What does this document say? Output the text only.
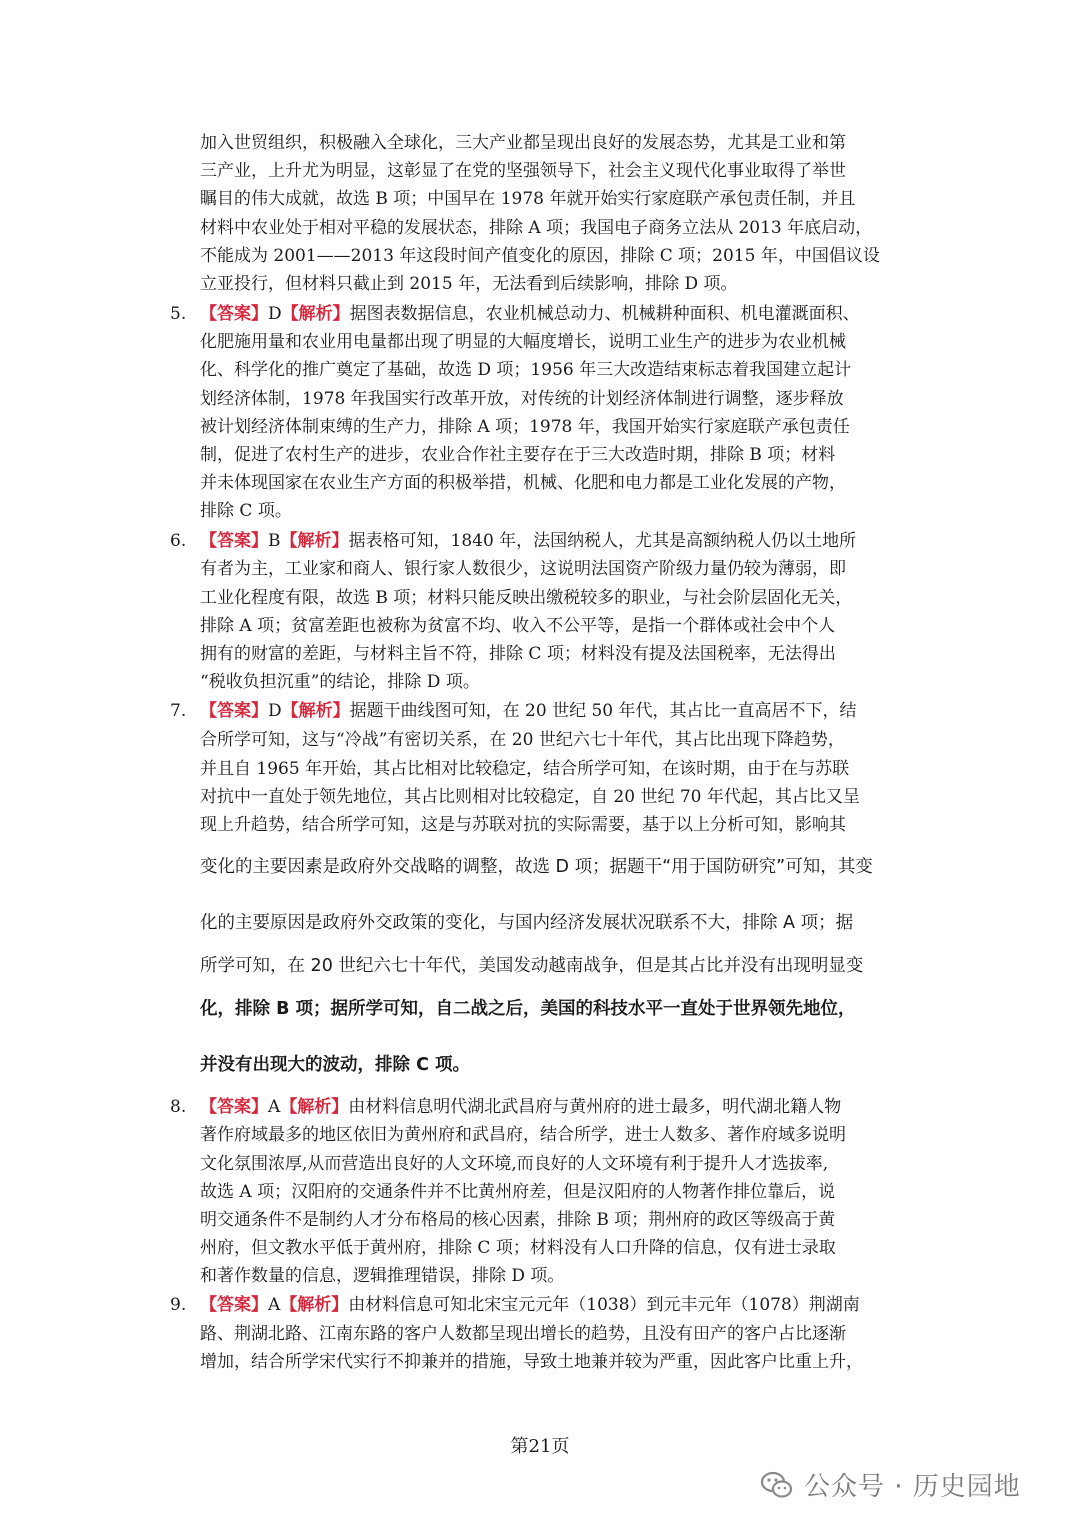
加入世贸组织，积极融入全球化，三大产业都呈现出良好的发展态势，尤其是工业和第
三产业，上升尤为明显，这彰显了在党的坚强领导下，社会主义现代化事业取得了举世
瞩目的伟大成就，故选 B 项；中国早在 1978 年就开始实行家庭联产承包责任制，并且
材料中农业处于相对平稳的发展状态，排除 A 项；我国电子商务立法从 2013 年底启动，
不能成为 2001——2013 年这段时间产值变化的原因，排除 C 项；2015 年，中国倡议设
立亚投行，但材料只截止到 2015 年，无法看到后续影响，排除 D 项。
5. 【答案】D【解析】据图表数据信息，农业机械总动力、机械耕种面积、机电灌溉面积、
化肥施用量和农业用电量都出现了明显的大幅度增长，说明工业生产的进步为农业机械
化、科学化的推广奠定了基础，故选 D 项；1956 年三大改造结束标志着我国建立起计
划经济体制，1978 年我国实行改革开放，对传统的计划经济体制进行调整，逐步释放
被计划经济体制束缚的生产力，排除 A 项；1978 年，我国开始实行家庭联产承包责任
制，促进了农村生产的进步，农业合作社主要存在于三大改造时期，排除 B 项；材料
并未体现国家在农业生产方面的积极举措，机械、化肥和电力都是工业化发展的产物，
排除 C 项。
6. 【答案】B【解析】据表格可知，1840 年，法国纳税人，尤其是高额纳税人仍以土地所
有者为主，工业家和商人、银行家人数很少，这说明法国资产阶级力量仍较为薄弱，即
工业化程度有限，故选 B 项；材料只能反映出缴税较多的职业，与社会阶层固化无关，
排除 A 项；贫富差距也被称为贫富不均、收入不公平等，是指一个群体或社会中个人
拥有的财富的差距，与材料主旨不符，排除 C 项；材料没有提及法国税率，无法得出
“税收负担沉重”的结论，排除 D 项。
7. 【答案】D【解析】据题干曲线图可知，在 20 世纪 50 年代，其占比一直高居不下，结
合所学可知，这与“冷战”有密切关系，在 20 世纪六七十年代，其占比出现下降趋势，
并且自 1965 年开始，其占比相对比较稳定，结合所学可知，在该时期，由于在与苏联
对抗中一直处于领先地位，其占比则相对比较稳定，自 20 世纪 70 年代起，其占比又呈
现上升趋势，结合所学可知，这是与苏联对抗的实际需要，基于以上分析可知，影响其
变化的主要因素是政府外交战略的调整，故选 D 项；据题干“用于国防研究”可知，其变
化的主要原因是政府外交政策的变化，与国内经济发展状况联系不大，排除 A 项；据
所学可知，在 20 世纪六七十年代，美国发动越南战争，但是其占比并没有出现明显变
化，排除 B 项；据所学可知，自二战之后，美国的科技水平一直处于世界领先地位，
并没有出现大的波动，排除 C 项。
8. 【答案】A【解析】由材料信息明代湖北武昌府与黄州府的进士最多，明代湖北籍人物
著作府域最多的地区依旧为黄州府和武昌府，结合所学，进士人数多、著作府域多说明
文化氛围浓厚,从而营造出良好的人文环境,而良好的人文环境有利于提升人才选拔率,
故选 A 项；汉阳府的交通条件并不比黄州府差，但是汉阳府的人物著作排位靠后，说
明交通条件不是制约人才分布格局的核心因素，排除 B 项；荆州府的政区等级高于黄
州府，但文教水平低于黄州府，排除 C 项；材料没有人口升降的信息，仅有进士录取
和著作数量的信息，逻辑推理错误，排除 D 项。
9. 【答案】A【解析】由材料信息可知北宋宝元元年（1038）到元丰元年（1078）荆湖南
路、荆湖北路、江南东路的客户人数都呈现出增长的趋势，且没有田产的客户占比逐渐
增加，结合所学宋代实行不抑兼并的措施，导致土地兼并较为严重，因此客户比重上升，
第21页
公众号 · 历史园地
